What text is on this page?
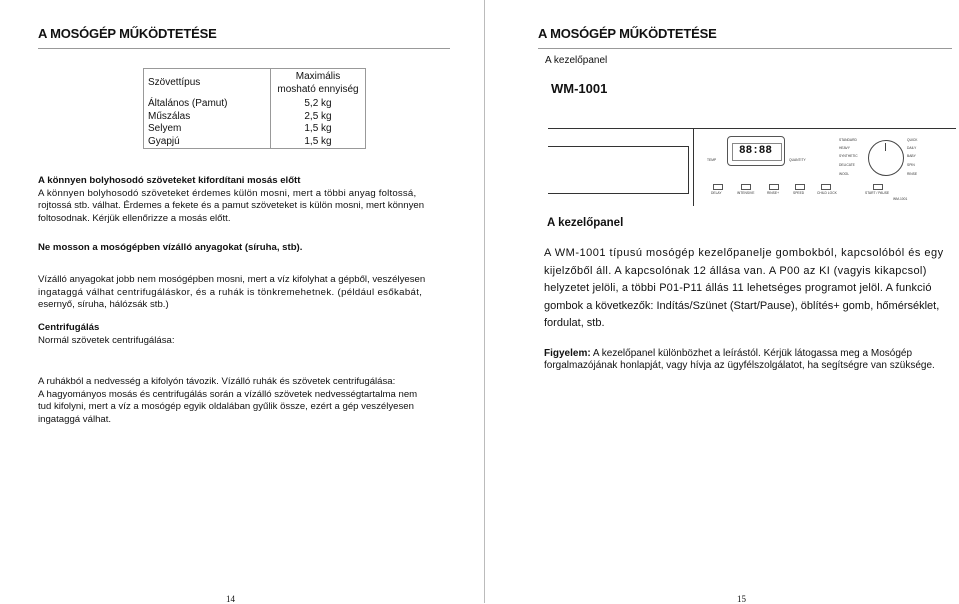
A MOSÓGÉP MŰKÖDTETÉSE
Szövettípus	Maximális
mosható ennyiség
Általános (Pamut)	5,2 kg
Műszálas	2,5 kg
Selyem	1,5 kg
Gyapjú	1,5 kg
A könnyen bolyhosodó szöveteket kifordítani mosás előtt
A könnyen bolyhosodó szöveteket érdemes külön mosni, mert a többi anyag foltossá,
rojtossá stb. válhat. Érdemes a fekete és a pamut szöveteket is külön mosni, mert könnyen
foltosodnak. Kérjük ellenőrizze a mosás előtt.
Ne mosson a mosógépben vízálló anyagokat (síruha, stb).
Vízálló anyagokat jobb nem mosógépben mosni, mert a víz kifolyhat a gépből, veszélyesen
ingataggá válhat centrifugáláskor, és a ruhák is tönkremehetnek. (például esőkabát,
esernyő, síruha, hálózsák stb.)
Centrifugálás
Normál szövetek centrifugálása:
A ruhákból a nedvesség a kifolyón távozik. Vízálló ruhák és szövetek centrifugálása:
A hagyományos mosás és centrifugálás során a vízálló szövetek nedvességtartalma nem
tud kifolyni, mert a víz a mosógép egyik oldalában gyűlik össze, ezért a gép veszélyesen
ingataggá válhat.
14
A MOSÓGÉP MŰKÖDTETÉSE
A kezelőpanel
WM-1001
88:88
TEMP	QUANTITY
STANDARD
HEAVY
SYNTHETIC
DELICATE
WOOL
QUICK
DAILY
BABY
SPIN
RINSE
DELAY	INTENSIVE	RINSE+	SPEED	CHILD LOCK	START / PAUSE
WM-1001
A kezelőpanel
A WM-1001 típusú mosógép kezelőpanelje gombokból, kapcsolóból és egy
kijelzőből áll. A kapcsolónak 12 állása van. A P00 az KI (vagyis kikapcsol)
helyzetet jelöli, a többi P01-P11 állás 11 lehetséges programot jelöl. A funkció
gombok a következők: Indítás/Szünet (Start/Pause), öblítés+ gomb, hőmérséklet,
fordulat, stb.
Figyelem: A kezelőpanel különbözhet a leírástól. Kérjük látogassa meg a Mosógép
forgalmazójának honlapját, vagy hívja az ügyfélszolgálatot, ha segítségre van szüksége.
15
